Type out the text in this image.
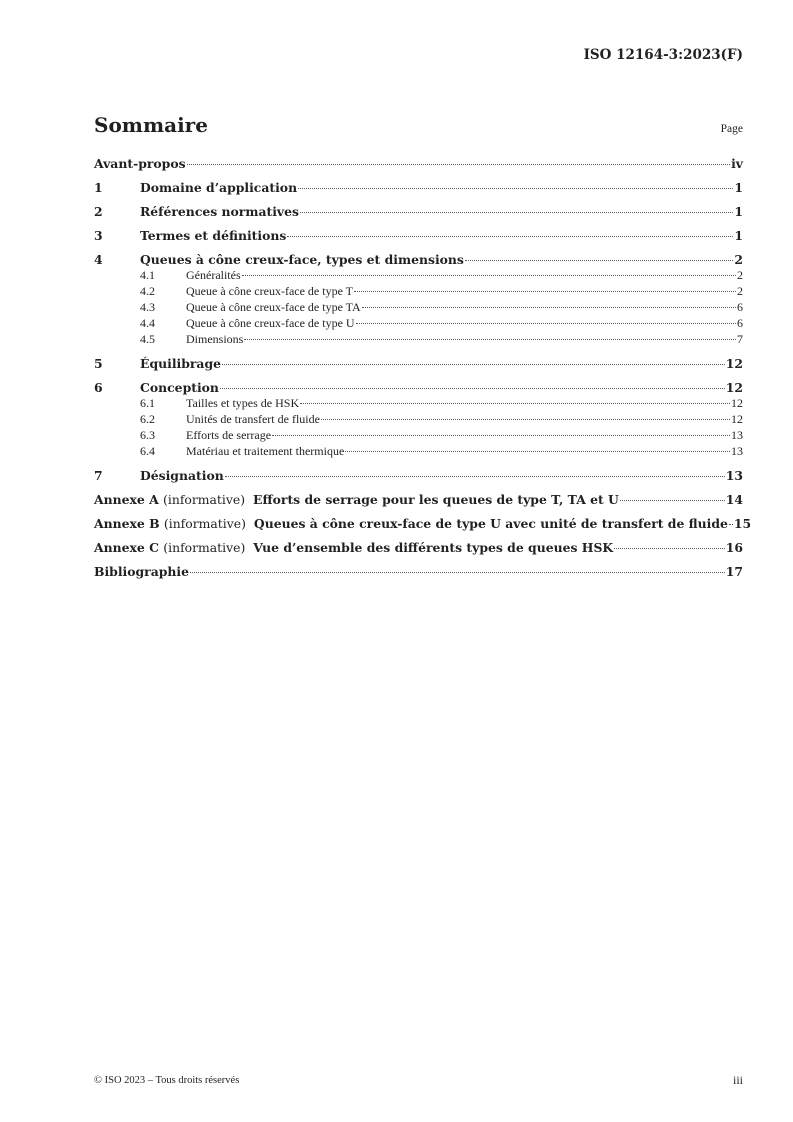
ISO 12164-3:2023(F)
Sommaire	Page
Avant-propos	iv
1	Domaine d’application	1
2	Références normatives	1
3	Termes et définitions	1
4	Queues à cône creux-face, types et dimensions	2
4.1	Généralités	2
4.2	Queue à cône creux-face de type T	2
4.3	Queue à cône creux-face de type TA	6
4.4	Queue à cône creux-face de type U	6
4.5	Dimensions	7
5	Équilibrage	12
6	Conception	12
6.1	Tailles et types de HSK	12
6.2	Unités de transfert de fluide	12
6.3	Efforts de serrage	13
6.4	Matériau et traitement thermique	13
7	Désignation	13
Annexe A (informative) Efforts de serrage pour les queues de type T, TA et U	14
Annexe B (informative) Queues à cône creux-face de type U avec unité de transfert de fluide 15
Annexe C (informative) Vue d’ensemble des différents types de queues HSK	16
Bibliographie	17
© ISO 2023 – Tous droits réservés	iii
